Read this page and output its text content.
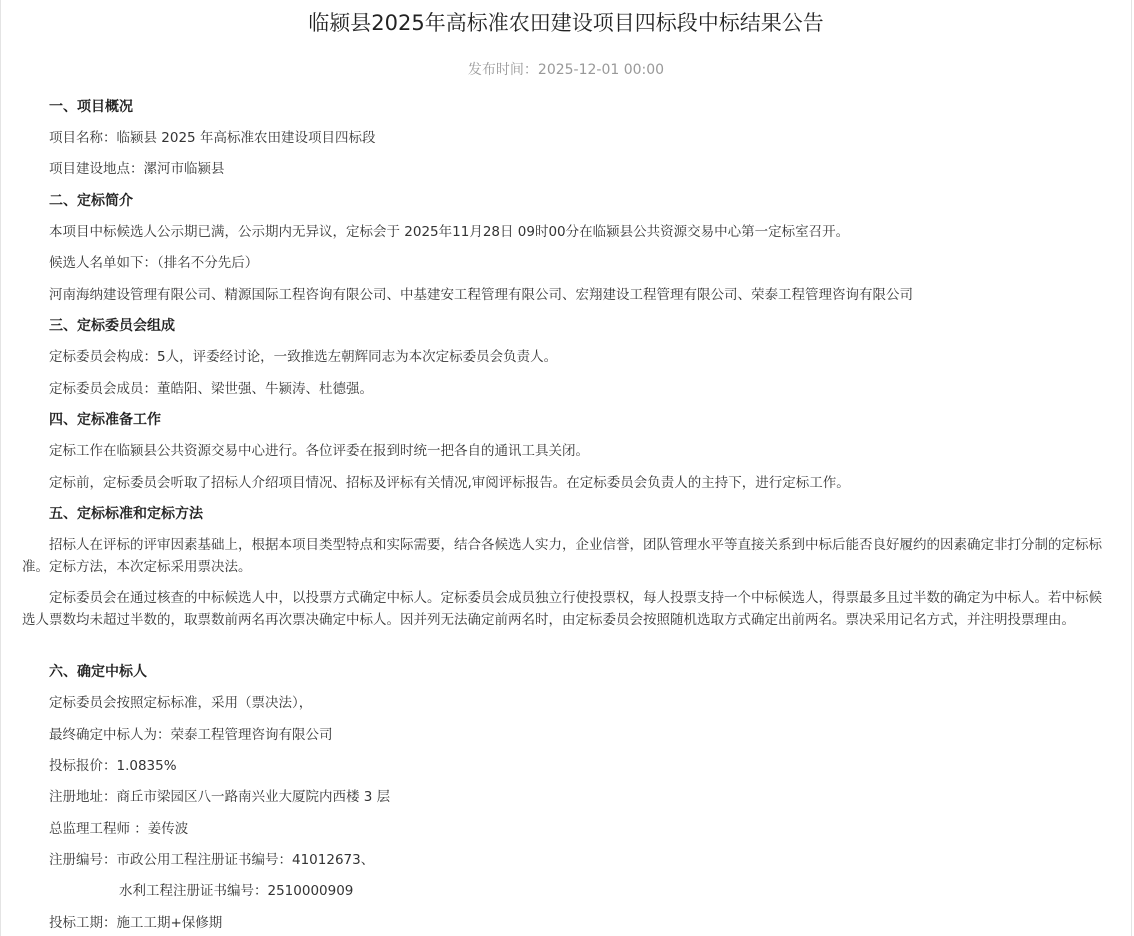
临颍县2025年高标准农田建设项目四标段中标结果公告
发布时间：2025-12-01 00:00
一、项目概况
项目名称：临颍县 2025 年高标准农田建设项目四标段
项目建设地点：漯河市临颍县
二、定标简介
本项目中标候选人公示期已满，公示期内无异议，定标会于 2025年11月28日 09时00分在临颍县公共资源交易中心第一定标室召开。
候选人名单如下：（排名不分先后）
河南海纳建设管理有限公司、精源国际工程咨询有限公司、中基建安工程管理有限公司、宏翔建设工程管理有限公司、荣泰工程管理咨询有限公司
三、定标委员会组成
定标委员会构成：5人，评委经讨论，一致推选左朝辉同志为本次定标委员会负责人。
定标委员会成员：董皓阳、梁世强、牛颍涛、杜德强。
四、定标准备工作
定标工作在临颍县公共资源交易中心进行。各位评委在报到时统一把各自的通讯工具关闭。
定标前，定标委员会听取了招标人介绍项目情况、招标及评标有关情况,审阅评标报告。在定标委员会负责人的主持下，进行定标工作。
五、定标标准和定标方法
招标人在评标的评审因素基础上，根据本项目类型特点和实际需要，结合各候选人实力，企业信誉，团队管理水平等直接关系到中标后能否良好履约的因素确定非打分制的定标标准。定标方法，本次定标采用票决法。
定标委员会在通过核查的中标候选人中，以投票方式确定中标人。定标委员会成员独立行使投票权，每人投票支持一个中标候选人，得票最多且过半数的确定为中标人。若中标候选人票数均未超过半数的，取票数前两名再次票决确定中标人。因并列无法确定前两名时，由定标委员会按照随机选取方式确定出前两名。票决采用记名方式，并注明投票理由。
六、确定中标人
定标委员会按照定标标准，采用（票决法），
最终确定中标人为：荣泰工程管理咨询有限公司
投标报价：1.0835%
注册地址：商丘市梁园区八一路南兴业大厦院内西楼 3 层
总监理工程师 ：姜传波
注册编号：市政公用工程注册证书编号：41012673、
水利工程注册证书编号：2510000909
投标工期：施工工期+保修期
